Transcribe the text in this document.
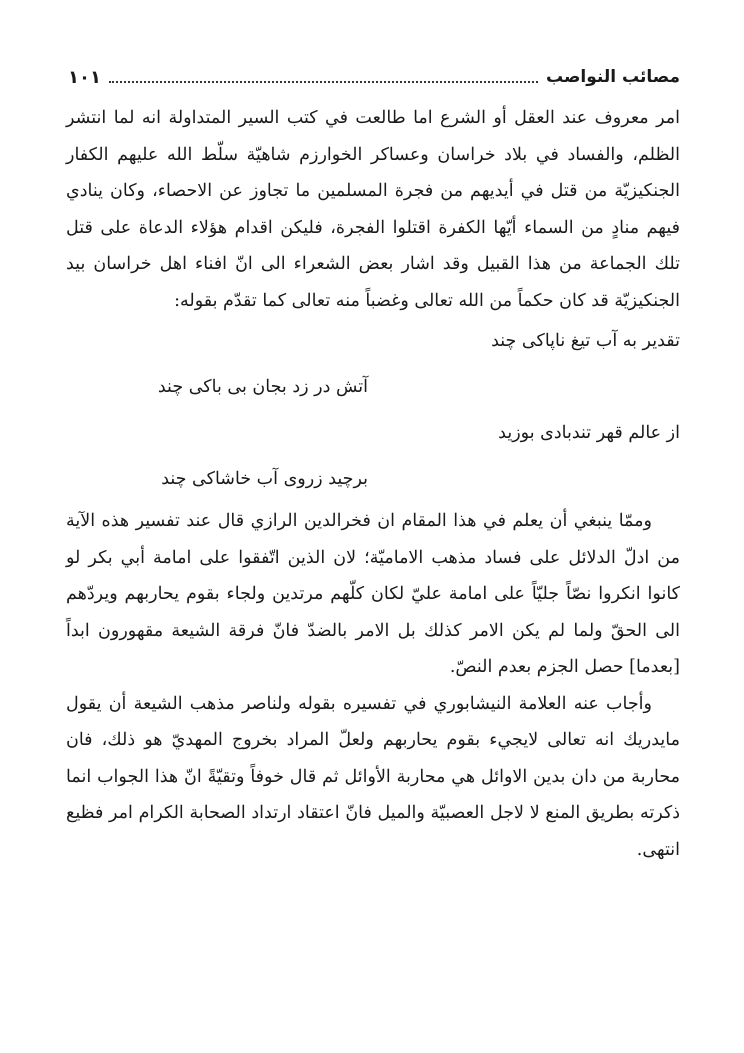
مصائب النواصب
١٠١

امر معروف عند العقل أو الشرع اما طالعت في كتب السير المتداولة انه لما انتشر الظلم، والفساد في بلاد خراسان وعساكر الخوارزم شاهيّة سلّط الله عليهم الكفار الجنكيزيّة من قتل في أيديهم من فجرة المسلمين ما تجاوز عن الاحصاء، وكان ينادي فيهم منادٍ من السماء أيّها الكفرة اقتلوا الفجرة، فليكن اقدام هؤلاء الدعاة على قتل تلك الجماعة من هذا القبيل وقد اشار بعض الشعراء الى انّ افناء اهل خراسان بيد الجنكيزيّة قد كان حكماً من الله تعالى وغضباً منه تعالى كما تقدّم بقوله:

تقدير به آب تيغ ناپاكى چند
آتش در زد بجان بى باكى چند
از عالم قهر تندبادى بوزيد
برچيد زروى آب خاشاكى چند

وممّا ينبغي أن يعلم في هذا المقام ان فخرالدين الرازي قال عند تفسير هذه الآية من ادلّ الدلائل على فساد مذهب الاماميّة؛ لان الذين اتّفقوا على امامة أبي بكر لو كانوا انكروا نصّاً جليّاً على امامة عليّ لكان كلّهم مرتدين ولجاء بقوم يحاربهم ويردّهم الى الحقّ ولما لم يكن الامر كذلك بل الامر بالضدّ فانّ فرقة الشيعة مقهورون ابداً [بعدما] حصل الجزم بعدم النصّ.

وأجاب عنه العلامة النيشابوري في تفسيره بقوله ولناصر مذهب الشيعة أن يقول مايدريك انه تعالى لايجيء بقوم يحاربهم ولعلّ المراد بخروج المهديّ هو ذلك، فان محاربة من دان بدين الاوائل هي محاربة الأوائل ثم قال خوفاً وتقيّةً انّ هذا الجواب انما ذكرته بطريق المنع لا لاجل العصبيّة والميل فانّ اعتقاد ارتداد الصحابة الكرام امر فظيع انتهى.
